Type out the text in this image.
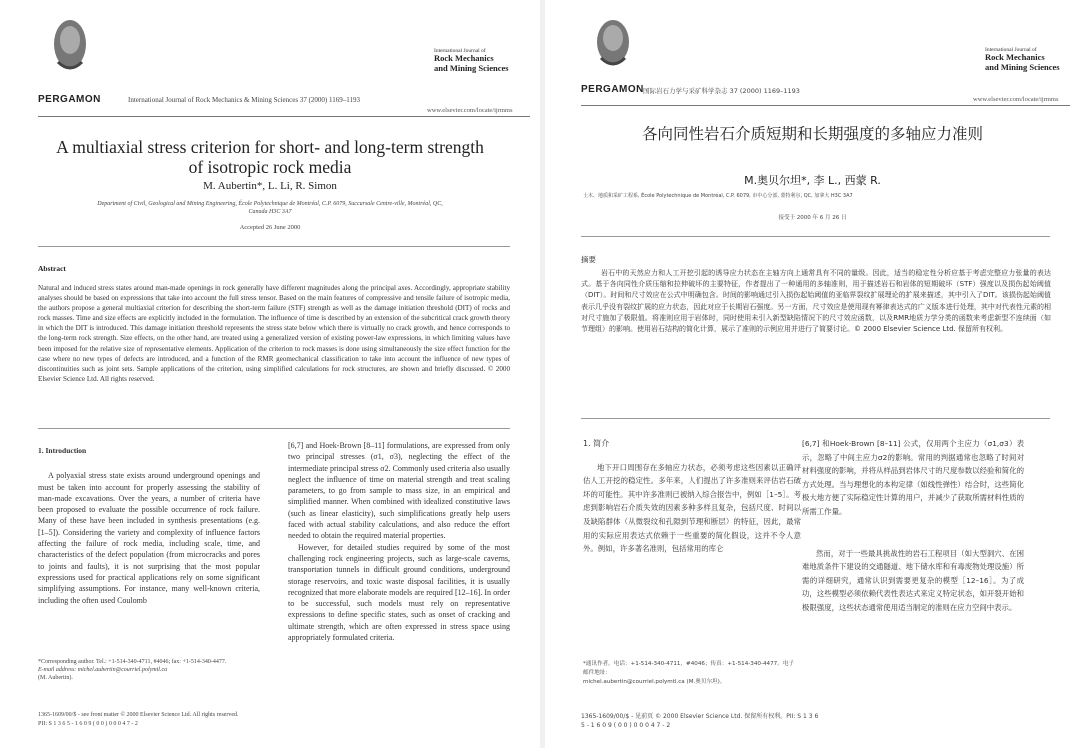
PERGAMON	International Journal of Rock Mechanics & Mining Sciences 37 (2000) 1169–1193
International Journal of
Rock Mechanics
and Mining Sciences
www.elsevier.com/locate/ijrmms
A multiaxial stress criterion for short- and long-term strength
of isotropic rock media
M. Aubertin*, L. Li, R. Simon
Department of Civil, Geological and Mining Engineering, École Polytechnique de Montréal, C.P. 6079, Succursale Centre-ville, Montréal, QC, Canada H3C 3A7
Accepted 26 June 2000
Abstract
Natural and induced stress states around man-made openings in rock generally have different magnitudes along the principal axes. Accordingly, appropriate stability analyses should be based on expressions that take into account the full stress tensor. Based on the main features of compressive and tensile failure of isotropic media, the authors propose a general multiaxial criterion for describing the short-term failure (STF) strength as well as the damage initiation threshold (DIT) of rocks and rock masses. Time and size effects are explicitly included in the formulation. The influence of time is described by an extension of the subcritical crack growth theory in which the DIT is introduced. This damage initiation threshold represents the stress state below which there is virtually no crack growth, and hence corresponds to the long-term rock strength. Size effects, on the other hand, are treated using a generalized version of existing power-law expressions, in which limiting values have been imposed for the relative size of representative elements. Application of the criterion to rock masses is done using simultaneously the size effect function for the case where no new types of defects are introduced, and a function of the RMR geomechanical classification to take into account the influence of new types of discontinuities such as joint sets. Sample applications of the criterion, using simplified calculations for rock structures, are shown and briefly discussed. © 2000 Elsevier Science Ltd. All rights reserved.
1. Introduction

A polyaxial stress state exists around underground openings and must be taken into account for properly assessing the stability of man-made excavations. Over the years, a number of criteria have been proposed to evaluate the possible occurrence of rock failure. Many of these have been included in synthesis presentations (e.g. [1–5]). Considering the variety and complexity of influence factors affecting the failure of rock media, including scale, time, and characteristics of the defect population (from microcracks and pores to joints and faults), it is not surprising that the most popular expressions used for practical applications rely on some significant simplifying assumptions. For instance, many well-known criteria, including the often used Coulomb

[6,7] and Hoek-Brown [8–11] formulations, are expressed from only two principal stresses (σ1, σ3), neglecting the effect of the intermediate principal stress σ2. Commonly used criteria also usually neglect the influence of time on material strength and treat scaling parameters, to go from sample to mass size, in an empirical and simplified manner. When combined with idealized constitutive laws (such as linear elasticity), such simplifications greatly help users faced with actual stability calculations, and also reduce the effort needed to obtain the required material properties.

However, for detailed studies required by some of the most challenging rock engineering projects, such as large-scale caverns, transportation tunnels in difficult ground conditions, underground storage reservoirs, and toxic waste disposal facilities, it is usually recognized that more elaborate models are required [12–16]. In order to be successful, such models must rely on representative expressions to define specific states, such as onset of cracking and ultimate strength, which are often expressed in stress space using appropriately formulated criteria.

*Corresponding author. Tel.: +1-514-340-4711, #4046; fax: +1-514-340-4477.
E-mail address: michel.aubertin@courriel.polymtl.ca
(M. Aubertin).
1365-1609/00/$ - see front matter © 2000 Elsevier Science Ltd. All rights reserved.
PII: S 1 3 6 5 - 1 6 0 9 ( 0 0 ) 0 0 0 4 7 - 2
PERGAMON 国际岩石力学与采矿科学杂志 37 (2000) 1169–1193
International Journal of
Rock Mechanics
and Mining Sciences
www.elsevier.com/locate/ijrmms
各向同性岩石介质短期和长期强度的多轴应力准则
M.奥贝尔坦*, 李 L., 西蒙 R.
土木、地质和采矿工程系, École Polytechnique de Montréal, C.P. 6079, 市中心分部, 蒙特利尔, QC, 加拿大 H3C 3A7
接受于 2000 年 6 月 26 日
摘要
岩石中的天然应力和人工开挖引起的诱导应力状态在主轴方向上通常具有不同的量级。因此，适当的稳定性分析应基于考虑完整应力张量的表达式。基于各向同性介质压缩和拉伸破坏的主要特征，作者提出了一种通用的多轴准则，用于描述岩石和岩体的短期破坏（STF）强度以及损伤起始阈值（DIT）。时间和尺寸效应在公式中明确包含。时间的影响通过引入损伤起始阈值的亚临界裂纹扩展理论的扩展来描述，其中引入了DIT。该损伤起始阈值表示几乎没有裂纹扩展的应力状态，因此对应于长期岩石强度。另一方面，尺寸效应是使用现有幂律表达式的广义版本进行处理，其中对代表性元素的相对尺寸施加了极限值。将准则应用于岩体时，同时使用未引入新型缺陷情况下的尺寸效应函数，以及RMR地质力学分类的函数来考虑新型不连续面（如节理组）的影响。使用岩石结构的简化计算，展示了准则的示例应用并进行了简要讨论。© 2000 Elsevier Science Ltd. 保留所有权利。
1. 简介

地下开口周围存在多轴应力状态，必须考虑这些因素以正确评估人工开挖的稳定性。多年来，人们提出了许多准则来评估岩石破坏的可能性。其中许多准则已被纳入综合报告中，例如［1–5］。考虑到影响岩石介质失效的因素多种多样且复杂，包括尺度、时间以及缺陷群体（从微裂纹和孔隙到节理和断层）的特征，因此，最常用的实际应用表达式依赖于一些重要的简化假设，这并不令人意外。例如，许多著名准则，包括常用的库仑

[6,7] 和Hoek-Brown [8–11] 公式，仅用两个主应力（σ1,σ3）表示，忽略了中间主应力σ2的影响。常用的判据通常也忽略了时间对材料强度的影响，并将从样品到岩体尺寸的尺度参数以经验和简化的方式处理。当与理想化的本构定律（如线性弹性）结合时，这些简化极大地方便了实际稳定性计算的用户，并减少了获取所需材料性质的所需工作量。

然而，对于一些最具挑战性的岩石工程项目（如大型洞穴、在困难地质条件下建设的交通隧道、地下储水库和有毒废物处理设施）所需的详细研究，通常认识到需要更复杂的模型［12–16］。为了成功，这些模型必须依赖代表性表达式来定义特定状态，如开裂开始和极限强度，这些状态通常使用适当制定的准则在应力空间中表示。

*通讯作者。电话：+1-514-340-4711，#4046；传真：+1-514-340-4477。电子邮件地址：
michel.aubertin@courriel.polymtl.ca (M.奥贝尔坦)。
1365-1609/00/$ - 见前页 © 2000 Elsevier Science Ltd. 保留所有权利。PII: S 1 3 6
5 - 1 6 0 9 ( 0 0 ) 0 0 0 4 7 - 2
